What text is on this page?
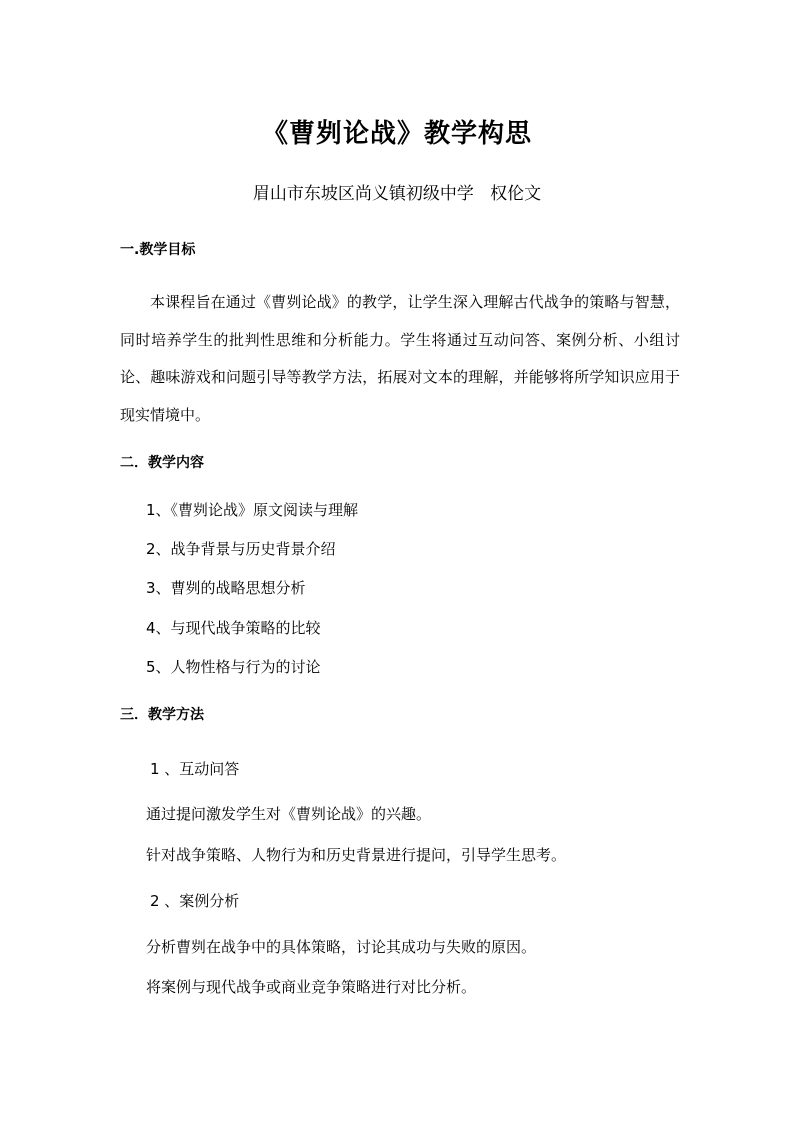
《曹刿论战》教学构思
眉山市东坡区尚义镇初级中学   权伦文
一.教学目标
本课程旨在通过《曹刿论战》的教学，让学生深入理解古代战争的策略与智慧，同时培养学生的批判性思维和分析能力。学生将通过互动问答、案例分析、小组讨论、趣味游戏和问题引导等教学方法，拓展对文本的理解，并能够将所学知识应用于现实情境中。
二．教学内容
1、《曹刿论战》原文阅读与理解
2、战争背景与历史背景介绍
3、曹刿的战略思想分析
4、与现代战争策略的比较
5、人物性格与行为的讨论
三．教学方法
1 、互动问答
通过提问激发学生对《曹刿论战》的兴趣。
针对战争策略、人物行为和历史背景进行提问，引导学生思考。
2 、案例分析
分析曹刿在战争中的具体策略，讨论其成功与失败的原因。
将案例与现代战争或商业竞争策略进行对比分析。
